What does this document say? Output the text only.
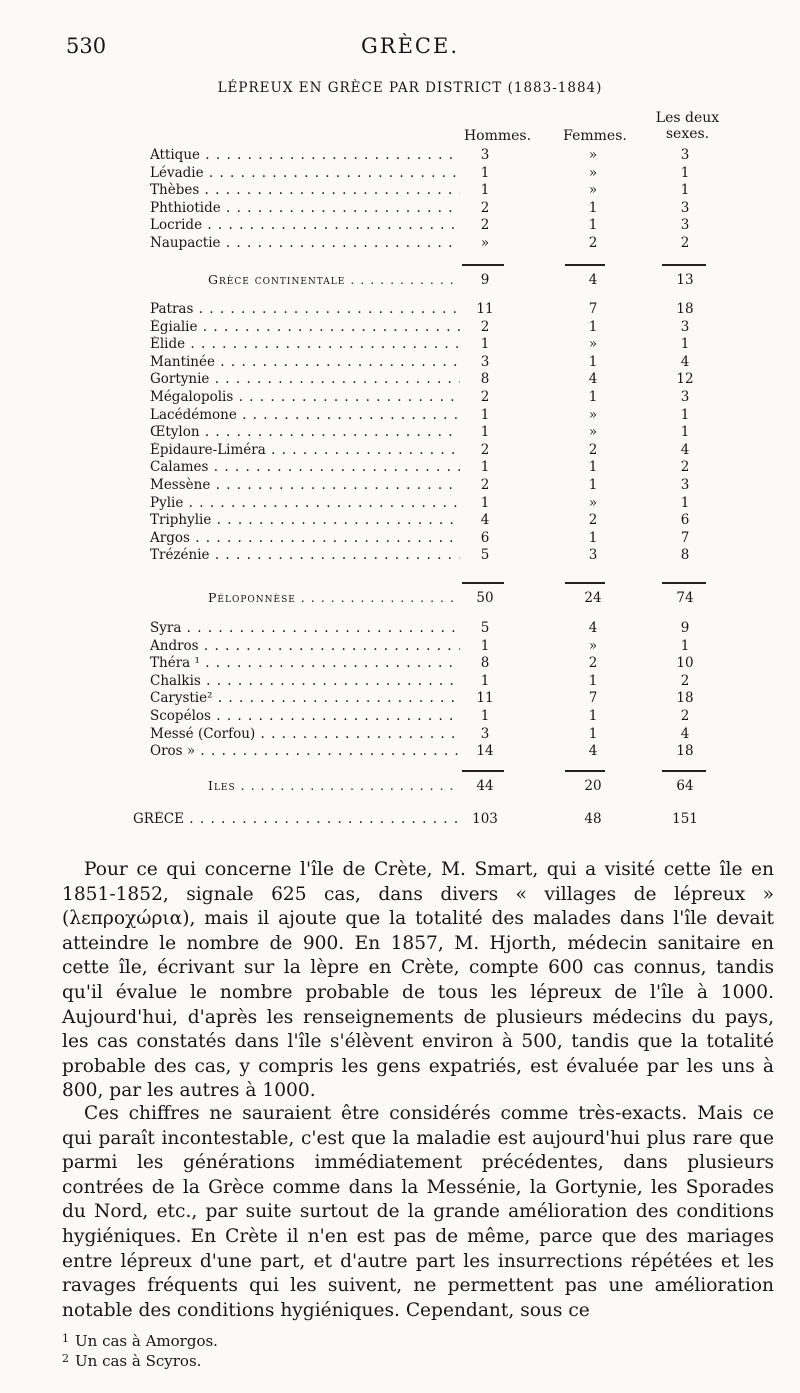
530	GRÈCE.
LÉPREUX EN GRÈCE PAR DISTRICT (1883-1884)
Hommes.	Femmes.
Les deux sexes.
Attique . . .	3	»	3
Lévadie . . .	1	»	1
Thèbes . . .	1	»	1
Phthiotide . . .	2	1	3
Locride . . .	2	1	3
Naupactie . . .	»	2	2
Grèce continentale . . .	9	4	13
Patras . . .	11	7	18
Égialie . . .	2	1	3
Élide . . .	1	»	1
Mantinée . . .	3	1	4
Gortynie . . .	8	4	12
Mégalopolis . . .	2	1	3
Lacédémone . . .	1	»	1
Œtylon . . .	1	»	1
Épidaure-Liméra . . .	2	2	4
Calames . . .	1	1	2
Messène . . .	2	1	3
Pylie . . .	1	»	1
Triphylie . . .	4	2	6
Argos . . .	6	1	7
Trézénie . . .	5	3	8
Péloponnèse . . .	50	24	74
Syra . . .	5	4	9
Andros . . .	1	»	1
Théra ¹ . . .	8	2	10
Chalkis . . .	1	1	2
Carystie² . . .	11	7	18
Scopélos . . .	1	1	2
Messé (Corfou) . . .	3	1	4
Oros » . . .	14	4	18
Iles . . .	44	20	64
GRÈCE . . .	103	48	151

Pour ce qui concerne l'île de Crète, M. Smart, qui a visité cette île en 1851-1852, signale 625 cas, dans divers « villages de lépreux » (λεπροχώρια), mais il ajoute que la totalité des malades dans l'île devait atteindre le nombre de 900. En 1857, M. Hjorth, médecin sanitaire en cette île, écrivant sur la lèpre en Crète, compte 600 cas connus, tandis qu'il évalue le nombre probable de tous les lépreux de l'île à 1000. Aujourd'hui, d'après les renseignements de plusieurs médecins du pays, les cas constatés dans l'île s'élèvent environ à 500, tandis que la totalité probable des cas, y compris les gens expatriés, est évaluée par les uns à 800, par les autres à 1000.

Ces chiffres ne sauraient être considérés comme très-exacts. Mais ce qui paraît incontestable, c'est que la maladie est aujourd'hui plus rare que parmi les générations immédiatement précédentes, dans plusieurs contrées de la Grèce comme dans la Messénie, la Gortynie, les Sporades du Nord, etc., par suite surtout de la grande amélioration des conditions hygiéniques. En Crète il n'en est pas de même, parce que des mariages entre lépreux d'une part, et d'autre part les insurrections répétées et les ravages fréquents qui les suivent, ne permettent pas une amélioration notable des conditions hygiéniques. Cependant, sous ce

$^1$ Un cas à Amorgos.

$^2$ Un cas à Scyros.
